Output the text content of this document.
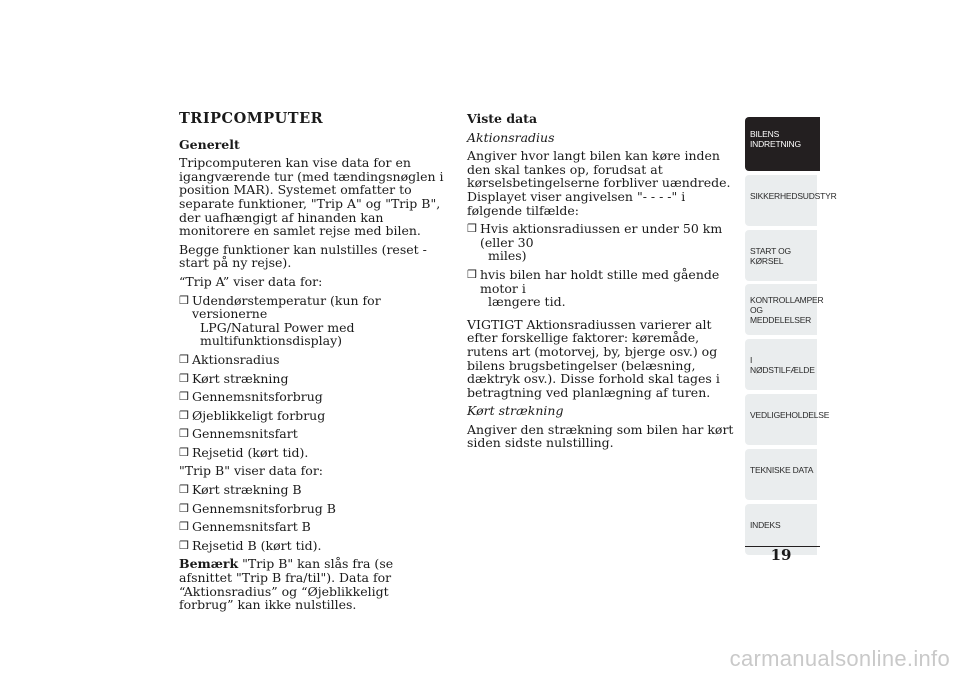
TRIPCOMPUTER
Generelt
Tripcomputeren kan vise data for en igangværende tur (med tændingsnøglen i position MAR). Systemet omfatter to separate funktioner, "Trip A" og "Trip B", der uafhængigt af hinanden kan monitorere en samlet rejse med bilen.
Begge funktioner kan nulstilles (reset - start på ny rejse).
“Trip A” viser data for:
❒ Udendørstemperatur (kun for versionerne
LPG/Natural Power med multifunktionsdisplay)
❒ Aktionsradius
❒ Kørt strækning
❒ Gennemsnitsforbrug
❒ Øjeblikkeligt forbrug
❒ Gennemsnitsfart
❒ Rejsetid (kørt tid).
"Trip B" viser data for:
❒ Kørt strækning B
❒ Gennemsnitsforbrug B
❒ Gennemsnitsfart B
❒ Rejsetid B (kørt tid).
Bemærk "Trip B" kan slås fra (se afsnittet "Trip B fra/til"). Data for “Aktionsradius” og “Øjeblikkeligt forbrug” kan ikke nulstilles.
Viste data
Aktionsradius
Angiver hvor langt bilen kan køre inden den skal tankes op, forudsat at kørselsbetingelserne forbliver uændrede. Displayet viser angivelsen "- - - -" i følgende tilfælde:
❒ Hvis aktionsradiussen er under 50 km (eller 30
miles)
❒ hvis bilen har holdt stille med gående motor i
længere tid.
VIGTIGT Aktionsradiussen varierer alt efter forskellige faktorer: køremåde, rutens art (motorvej, by, bjerge osv.) og bilens brugsbetingelser (belæsning, dæktryk osv.). Disse forhold skal tages i betragtning ved planlægning af turen.
Kørt strækning
Angiver den strækning som bilen har kørt siden sidste nulstilling.
BILENS
INDRETNING
SIKKERHEDSUDSTYR
START OG KØRSEL
KONTROLLAMPER
OG MEDDELELSER
I NØDSTILFÆLDE
VEDLIGEHOLDELSE
TEKNISKE DATA
INDEKS
19
carmanualsonline.info
